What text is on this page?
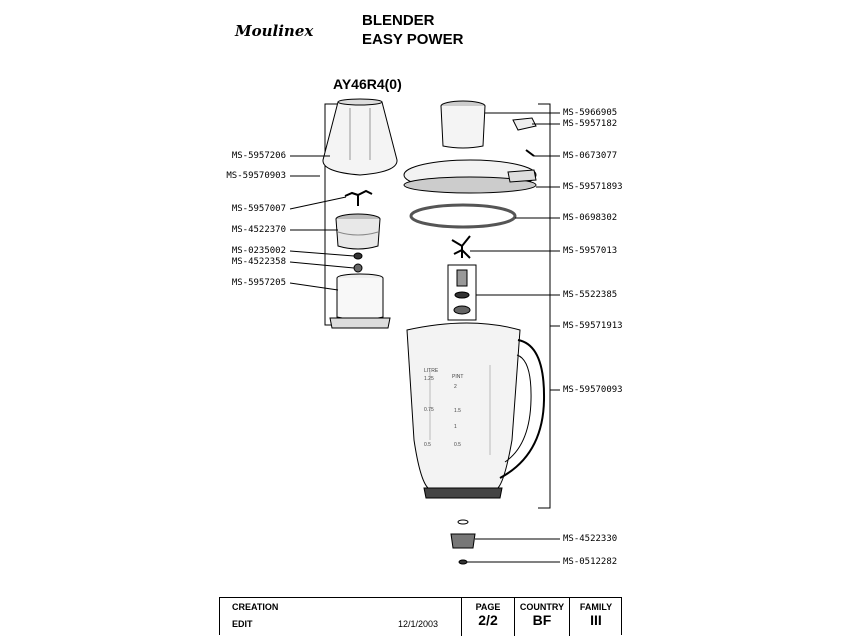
Moulinex
BLENDER
EASY POWER
AY46R4(0)
LITRE
PINT
1.25
0.75
0.5
2
1.5
1
0.5
MS-5957206
MS-59570903
MS-5957007
MS-4522370
MS-0235002
MS-4522358
MS-5957205
MS-5966905
MS-5957182
MS-0673077
MS-59571893
MS-0698302
MS-5957013
MS-5522385
MS-59571913
MS-59570093
MS-4522330
MS-0512282
CREATION
EDIT	12/1/2003
PAGE
2/2
COUNTRY
BF
FAMILY
III
